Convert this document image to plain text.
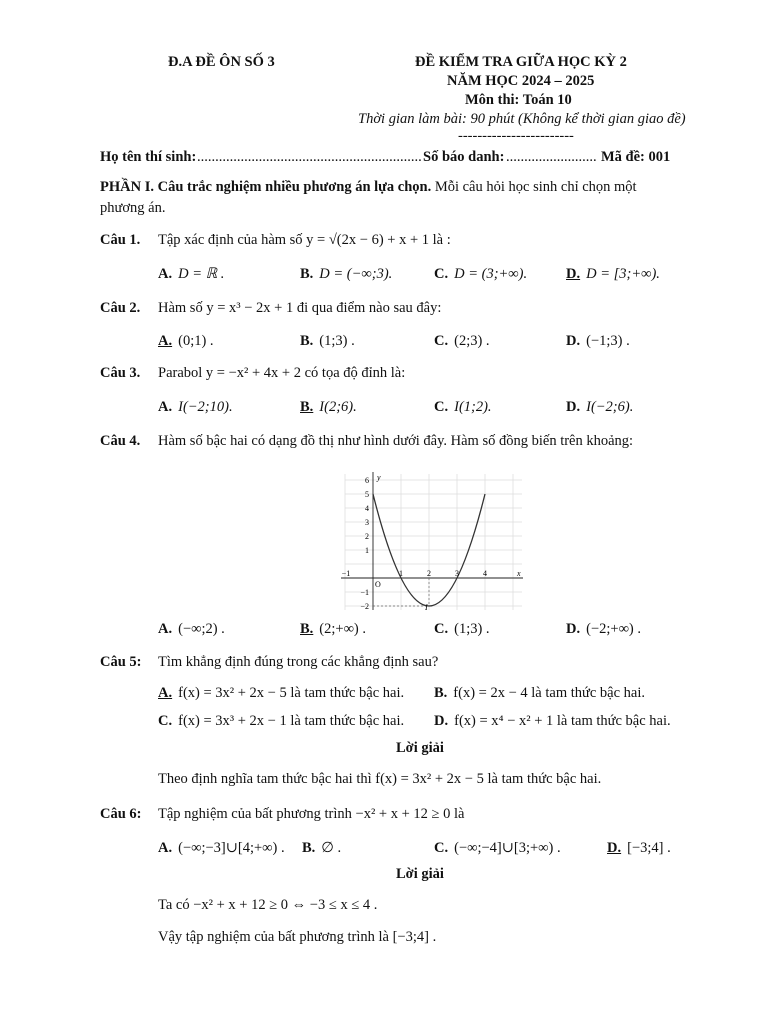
Đ.A ĐỀ ÔN SỐ 3	ĐỀ KIỂM TRA GIỮA HỌC KỲ 2
NĂM HỌC 2024 – 2025
Môn thi: Toán 10
Thời gian làm bài: 90 phút (Không kể thời gian giao đề)
------------------------
Họ tên thí sinh: .............................................................. Số báo danh: ......................... Mã đề: 001
PHẦN I. Câu trắc nghiệm nhiều phương án lựa chọn. Mỗi câu hỏi học sinh chỉ chọn một
phương án.
Câu 1. Tập xác định của hàm số y = √(2x − 6) + x + 1 là :
A. D = ℝ .	B. D = (−∞;3).	C. D = (3;+∞).	D. D = [3;+∞).
Câu 2. Hàm số y = x³ − 2x + 1 đi qua điểm nào sau đây:
A. (0;1) .	B. (1;3) .	C. (2;3) .	D. (−1;3) .
Câu 3. Parabol y = −x² + 4x + 2 có tọa độ đỉnh là:
A. I(−2;10).	B. I(2;6).	C. I(1;2).	D. I(−2;6).
Câu 4. Hàm số bậc hai có dạng đồ thị như hình dưới đây. Hàm số đồng biến trên khoảng:
y
x
O
I
6
5
4
3
2
1
−1
−2
−1	1	2	3	4
A. (−∞;2) .	B. (2;+∞) .	C. (1;3) .	D. (−2;+∞) .
Câu 5: Tìm khẳng định đúng trong các khẳng định sau?
A. f(x) = 3x² + 2x − 5 là tam thức bậc hai. B. f(x) = 2x − 4 là tam thức bậc hai.
C. f(x) = 3x³ + 2x − 1 là tam thức bậc hai. D. f(x) = x⁴ − x² + 1 là tam thức bậc hai.
Lời giải
Theo định nghĩa tam thức bậc hai thì f(x) = 3x² + 2x − 5 là tam thức bậc hai.
Câu 6: Tập nghiệm của bất phương trình −x² + x + 12 ≥ 0 là
A. (−∞;−3]∪[4;+∞) . B. ∅ .	C. (−∞;−4]∪[3;+∞) .	D. [−3;4] .
Lời giải
Ta có −x² + x + 12 ≥ 0 ⇔ −3 ≤ x ≤ 4 .
Vậy tập nghiệm của bất phương trình là [−3;4] .
